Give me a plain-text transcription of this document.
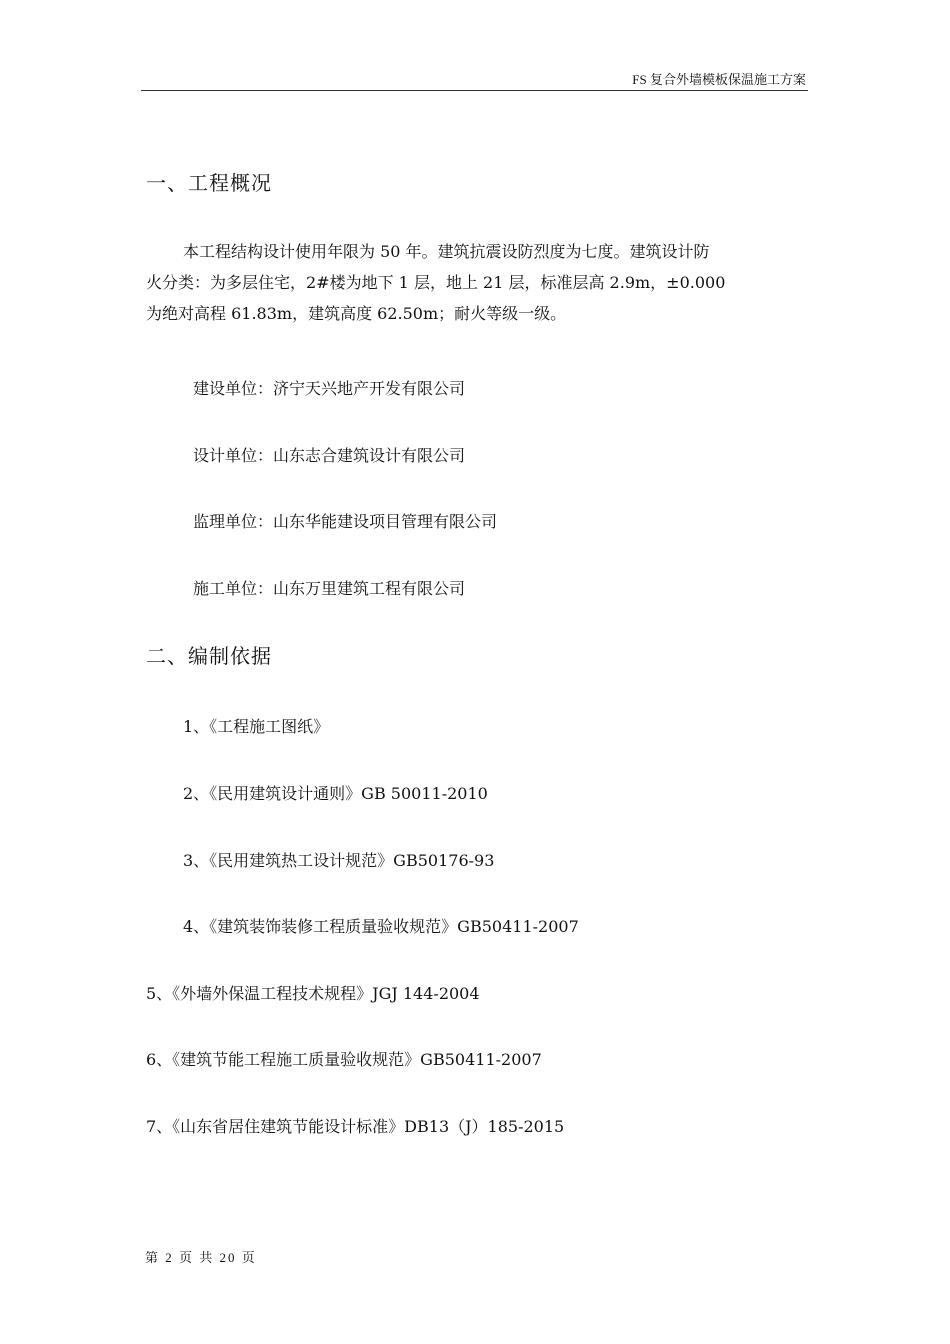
FS 复合外墙模板保温施工方案
一、工程概况
本工程结构设计使用年限为 50 年。建筑抗震设防烈度为七度。建筑设计防
火分类：为多层住宅，2#楼为地下 1 层，地上 21 层，标准层高 2.9m，±0.000
为绝对高程 61.83m，建筑高度 62.50m；耐火等级一级。
建设单位：济宁天兴地产开发有限公司
设计单位：山东志合建筑设计有限公司
监理单位：山东华能建设项目管理有限公司
施工单位：山东万里建筑工程有限公司
二、编制依据
1、《工程施工图纸》
2、《民用建筑设计通则》GB 50011-2010
3、《民用建筑热工设计规范》GB50176-93
4、《建筑装饰装修工程质量验收规范》GB50411-2007
5、《外墙外保温工程技术规程》JGJ 144-2004
6、《建筑节能工程施工质量验收规范》GB50411-2007
7、《山东省居住建筑节能设计标准》DB13（J）185-2015
第 2 页 共 20 页
